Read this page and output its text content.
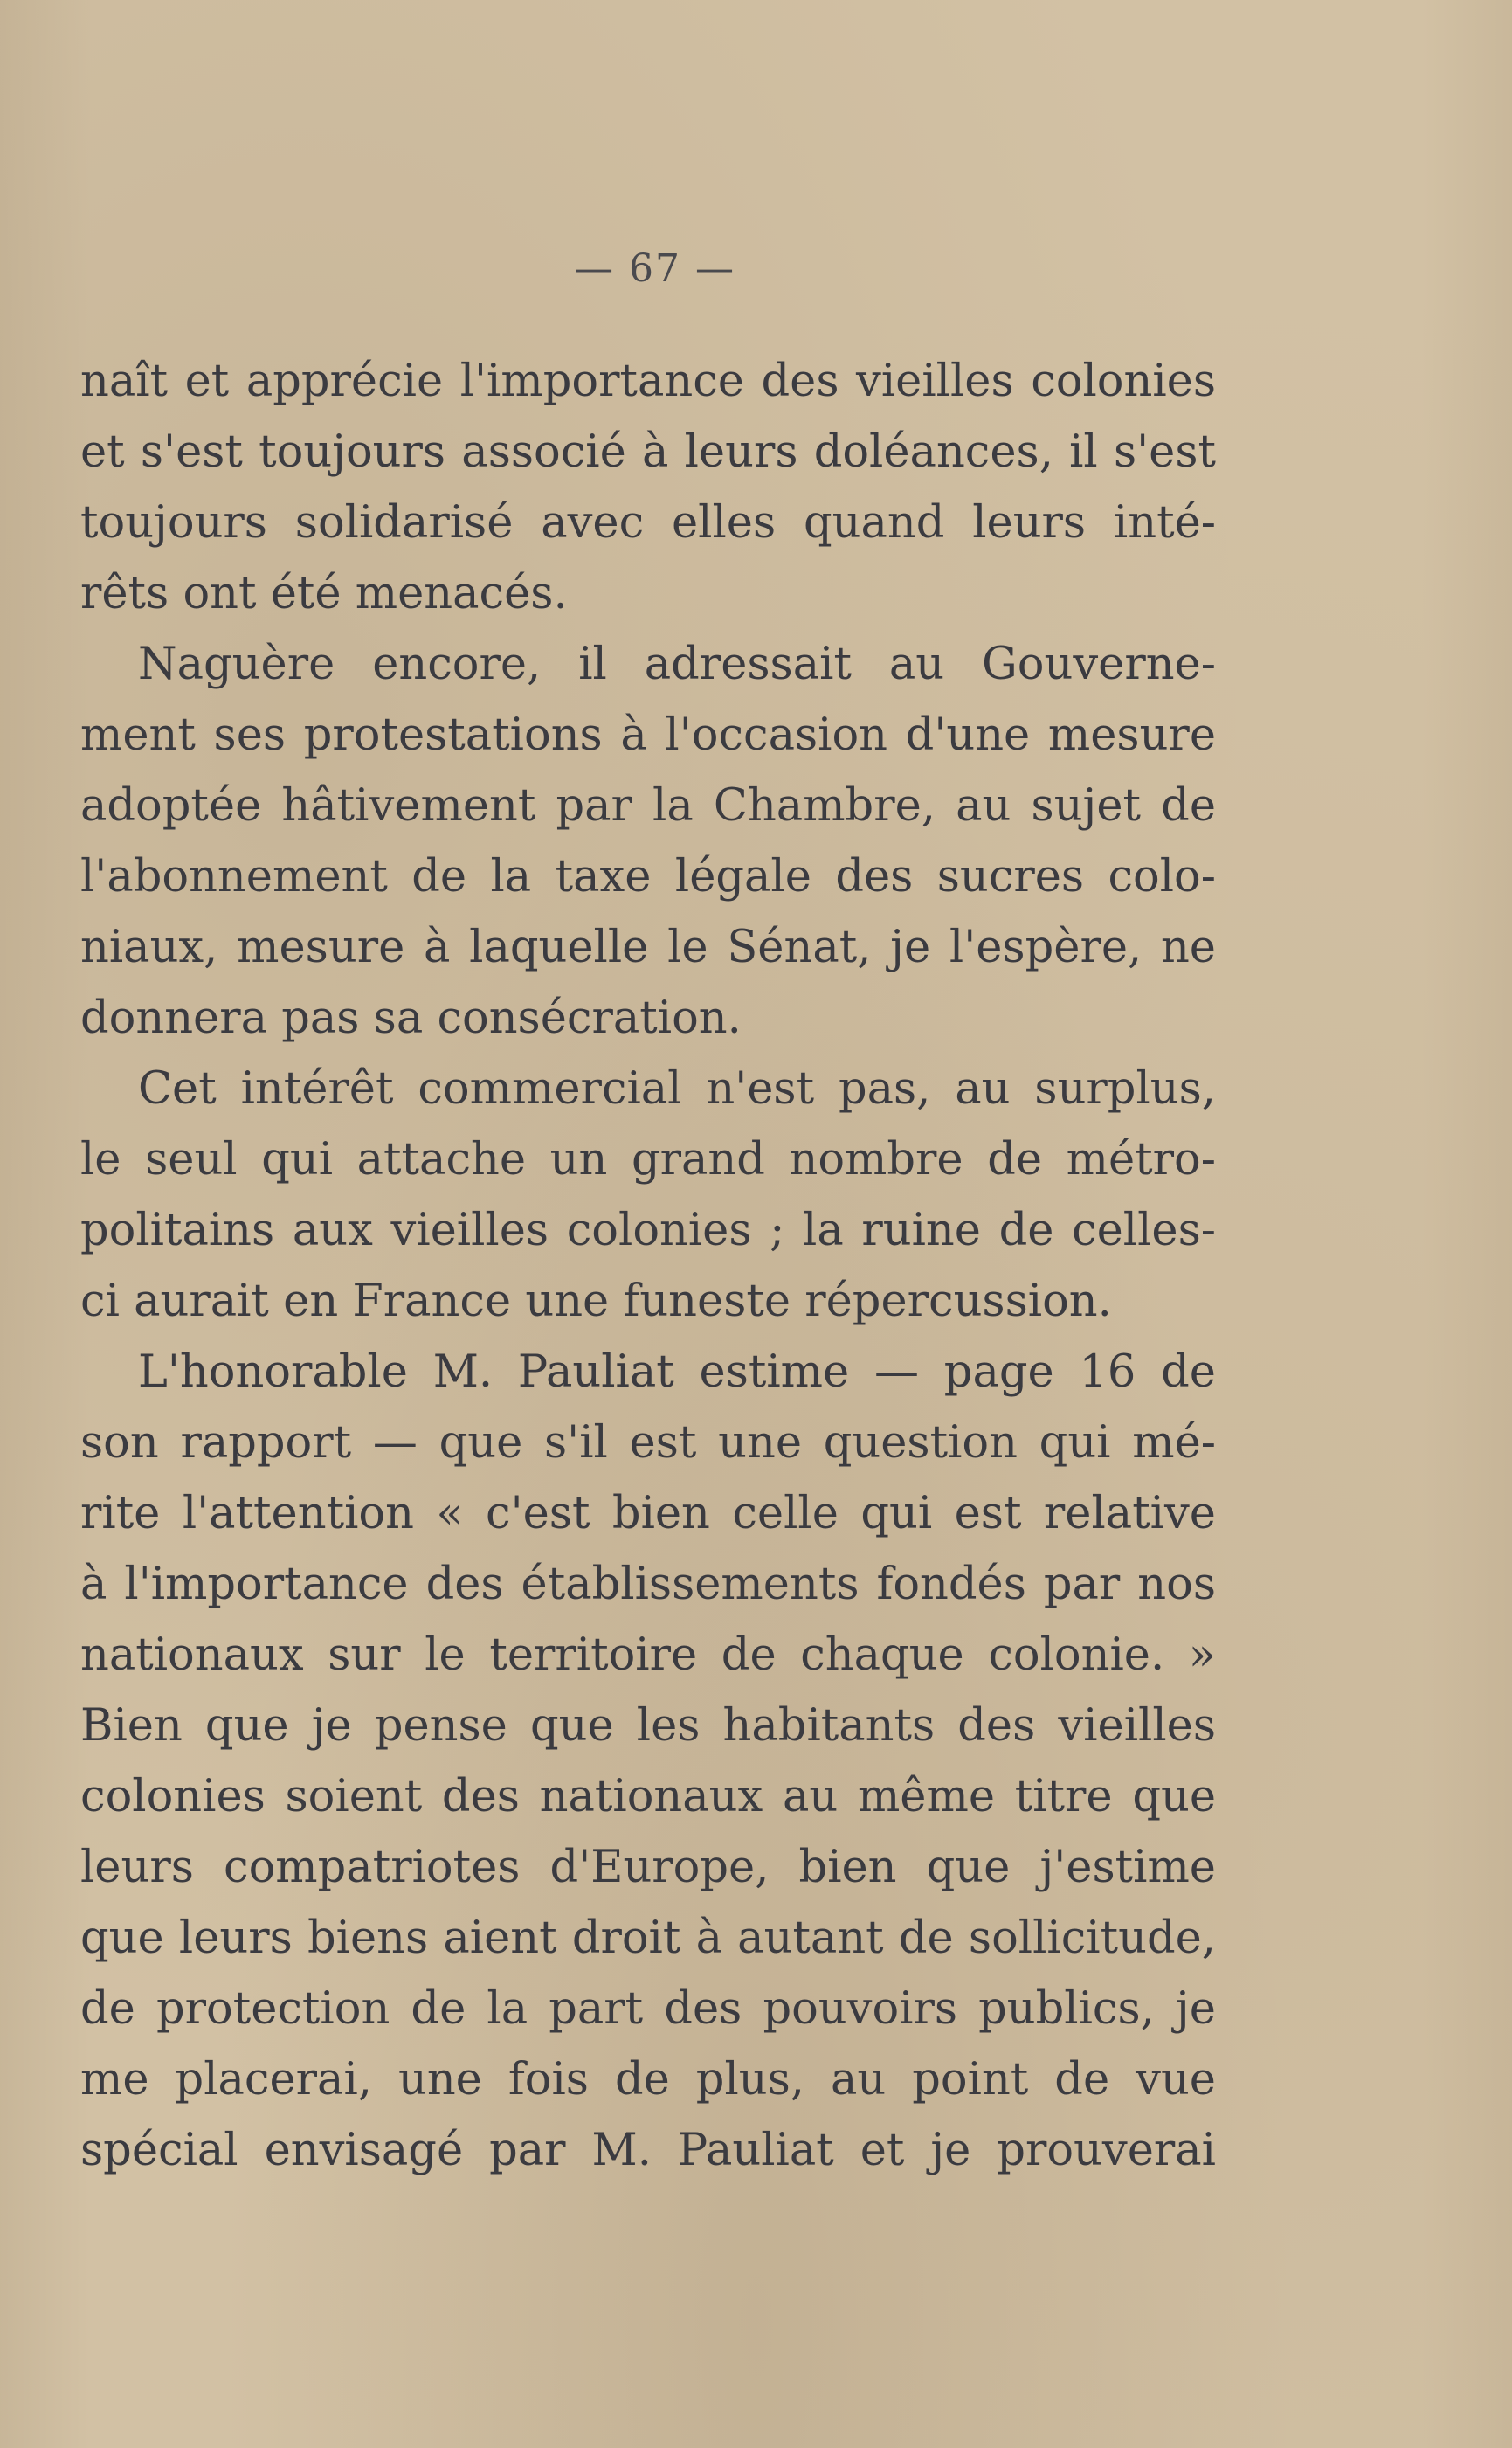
— 67 —
naît et apprécie l'importance des vieilles colonies
et s'est toujours associé à leurs doléances, il s'est
toujours solidarisé avec elles quand leurs inté-
rêts ont été menacés.
Naguère encore, il adressait au Gouverne-
ment ses protestations à l'occasion d'une mesure
adoptée hâtivement par la Chambre, au sujet de
l'abonnement de la taxe légale des sucres colo-
niaux, mesure à laquelle le Sénat, je l'espère, ne
donnera pas sa consécration.
Cet intérêt commercial n'est pas, au surplus,
le seul qui attache un grand nombre de métro-
politains aux vieilles colonies ; la ruine de celles-
ci aurait en France une funeste répercussion.
L'honorable M. Pauliat estime — page 16 de
son rapport — que s'il est une question qui mé-
rite l'attention « c'est bien celle qui est relative
à l'importance des établissements fondés par nos
nationaux sur le territoire de chaque colonie. »
Bien que je pense que les habitants des vieilles
colonies soient des nationaux au même titre que
leurs compatriotes d'Europe, bien que j'estime
que leurs biens aient droit à autant de sollicitude,
de protection de la part des pouvoirs publics, je
me placerai, une fois de plus, au point de vue
spécial envisagé par M. Pauliat et je prouverai
